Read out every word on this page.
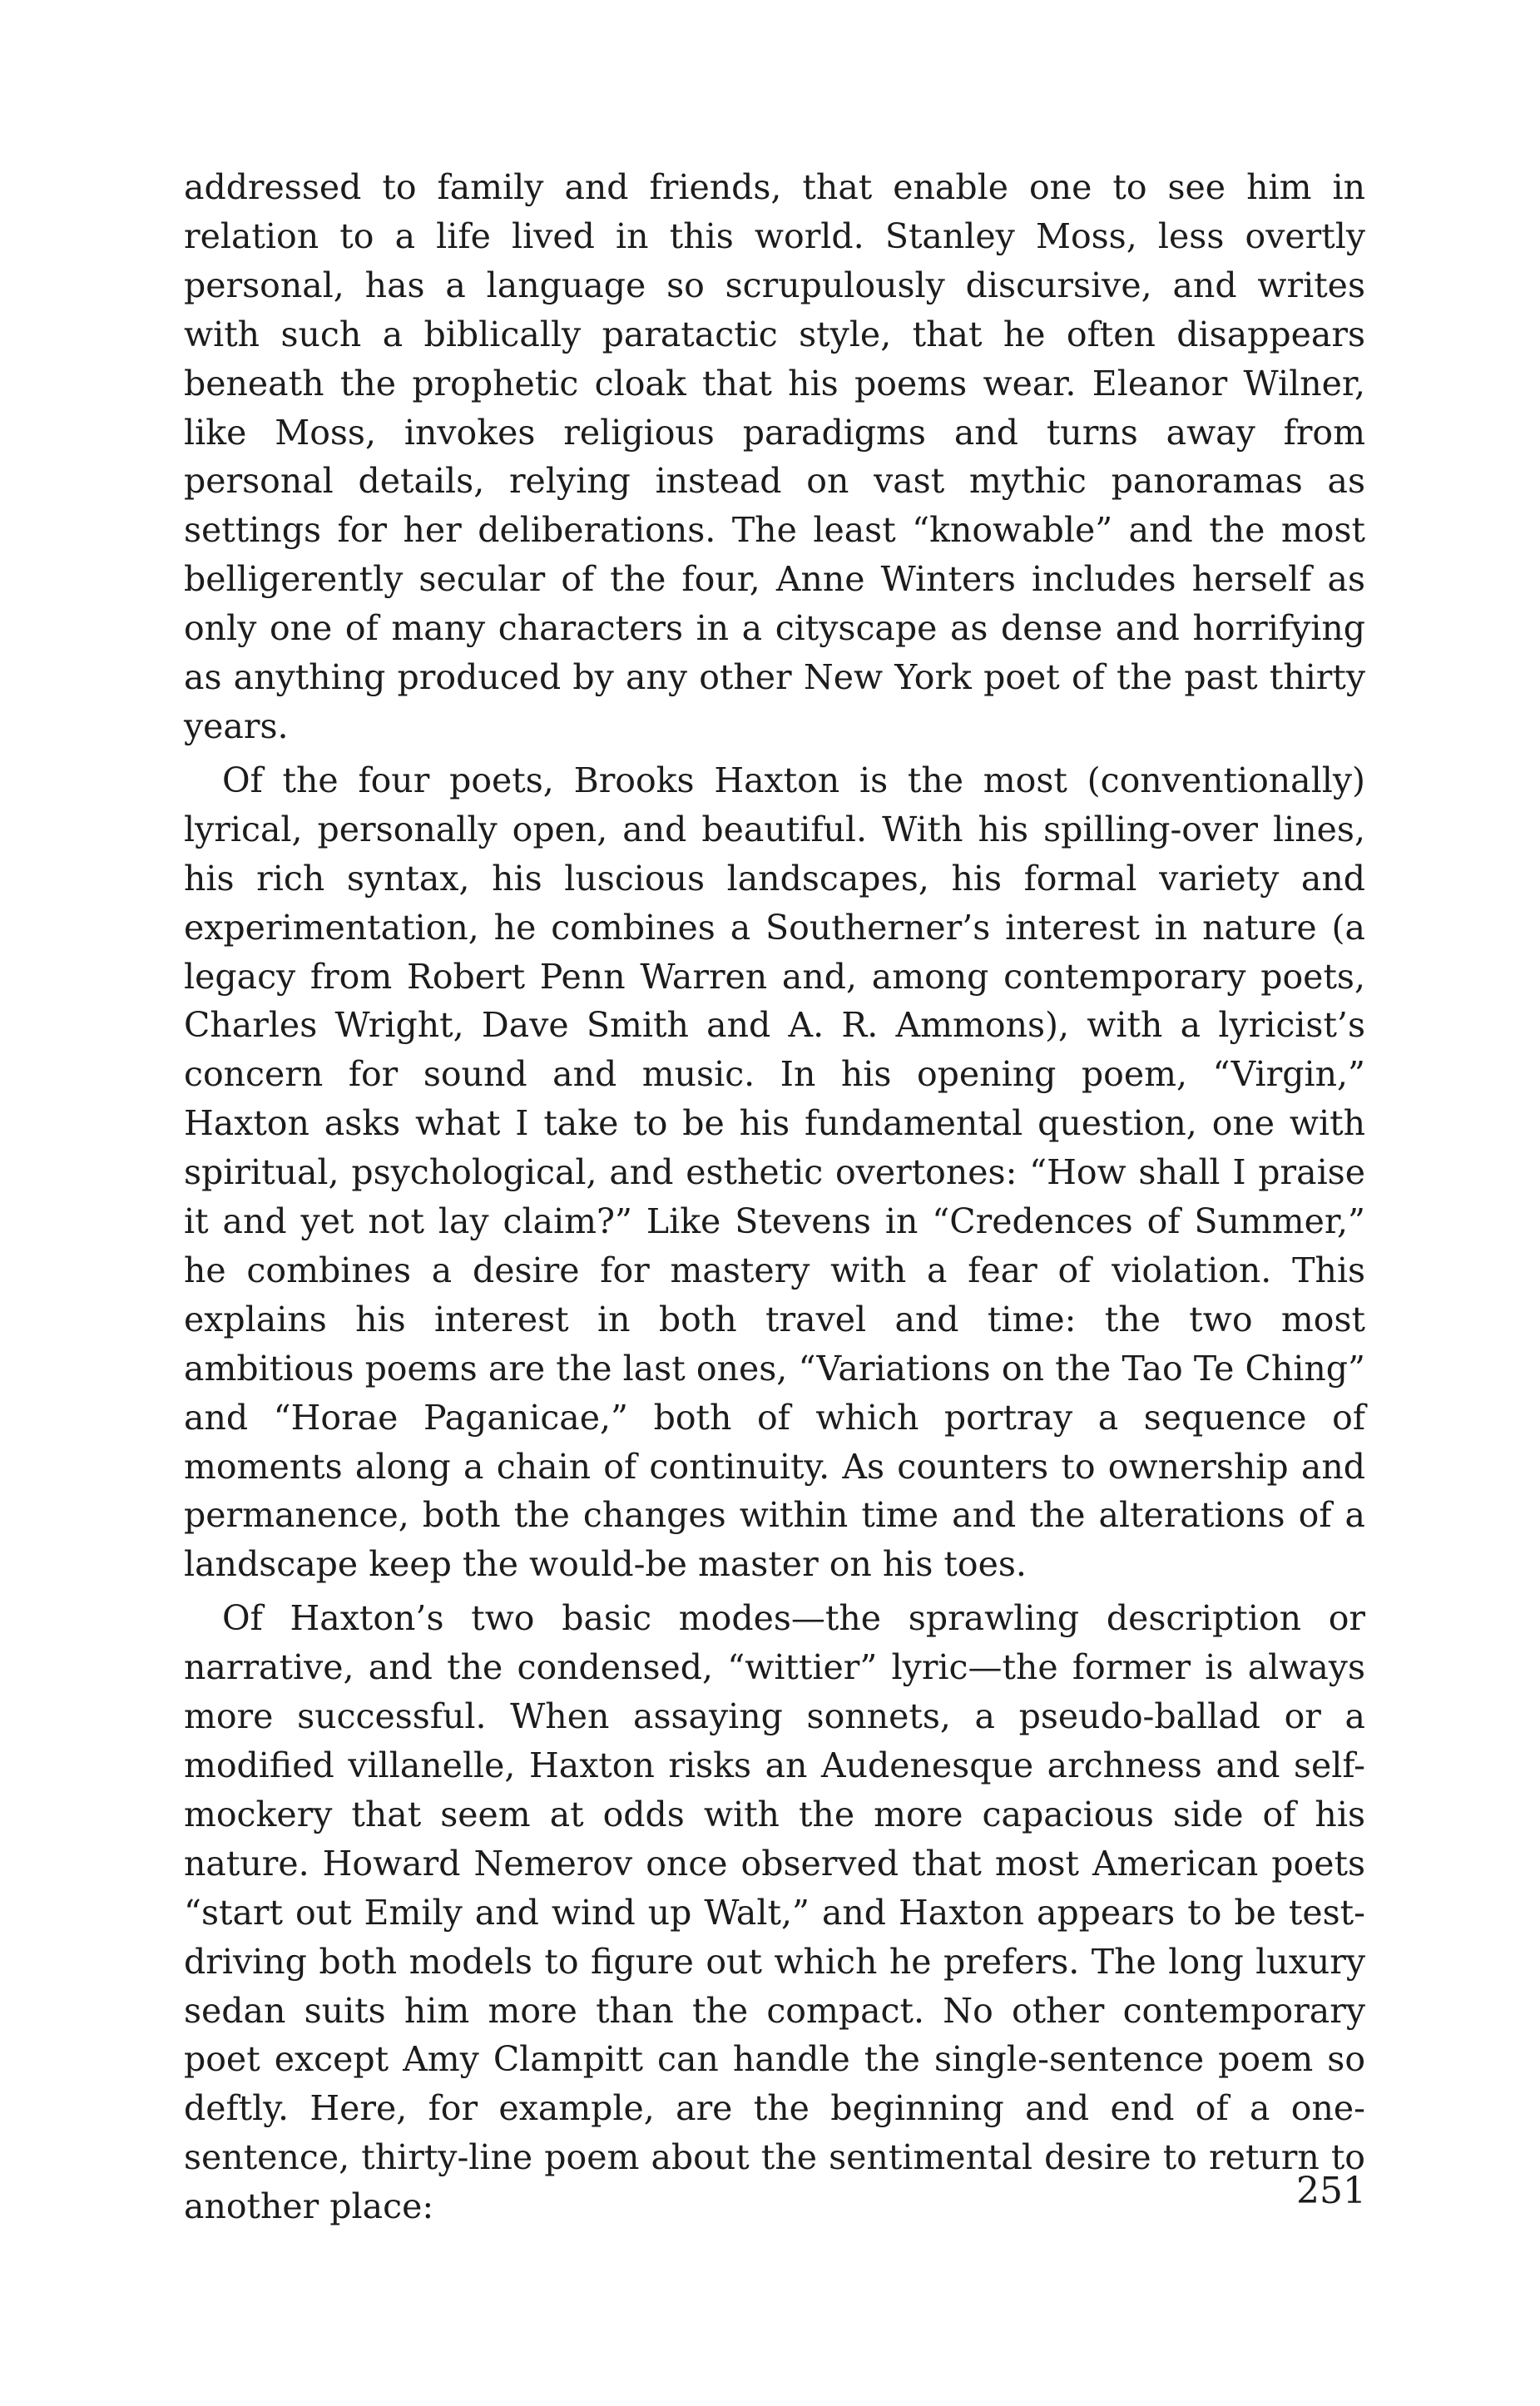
addressed to family and friends, that enable one to see him in relation to a life lived in this world. Stanley Moss, less overtly personal, has a language so scrupulously discursive, and writes with such a biblically paratactic style, that he often disappears beneath the prophetic cloak that his poems wear. Eleanor Wilner, like Moss, invokes religious paradigms and turns away from personal details, relying instead on vast mythic panoramas as settings for her deliberations. The least “knowable” and the most belligerently secular of the four, Anne Winters includes herself as only one of many characters in a cityscape as dense and horrifying as anything produced by any other New York poet of the past thirty years.

Of the four poets, Brooks Haxton is the most (conventionally) lyrical, personally open, and beautiful. With his spilling-over lines, his rich syntax, his luscious landscapes, his formal variety and experimentation, he combines a Southerner’s interest in nature (a legacy from Robert Penn Warren and, among contemporary poets, Charles Wright, Dave Smith and A. R. Ammons), with a lyricist’s concern for sound and music. In his opening poem, “Virgin,” Haxton asks what I take to be his fundamental question, one with spiritual, psychological, and esthetic overtones: “How shall I praise it and yet not lay claim?” Like Stevens in “Credences of Summer,” he combines a desire for mastery with a fear of violation. This explains his interest in both travel and time: the two most ambitious poems are the last ones, “Variations on the Tao Te Ching” and “Horae Paganicae,” both of which portray a sequence of moments along a chain of continuity. As counters to ownership and permanence, both the changes within time and the alterations of a landscape keep the would-be master on his toes.

Of Haxton’s two basic modes—the sprawling description or narrative, and the condensed, “wittier” lyric—the former is always more successful. When assaying sonnets, a pseudo-ballad or a modified villanelle, Haxton risks an Audenesque archness and self-mockery that seem at odds with the more capacious side of his nature. Howard Nemerov once observed that most American poets “start out Emily and wind up Walt,” and Haxton appears to be test-driving both models to figure out which he prefers. The long luxury sedan suits him more than the compact. No other contemporary poet except Amy Clampitt can handle the single-sentence poem so deftly. Here, for example, are the beginning and end of a one-sentence, thirty-line poem about the sentimental desire to return to another place:	251
